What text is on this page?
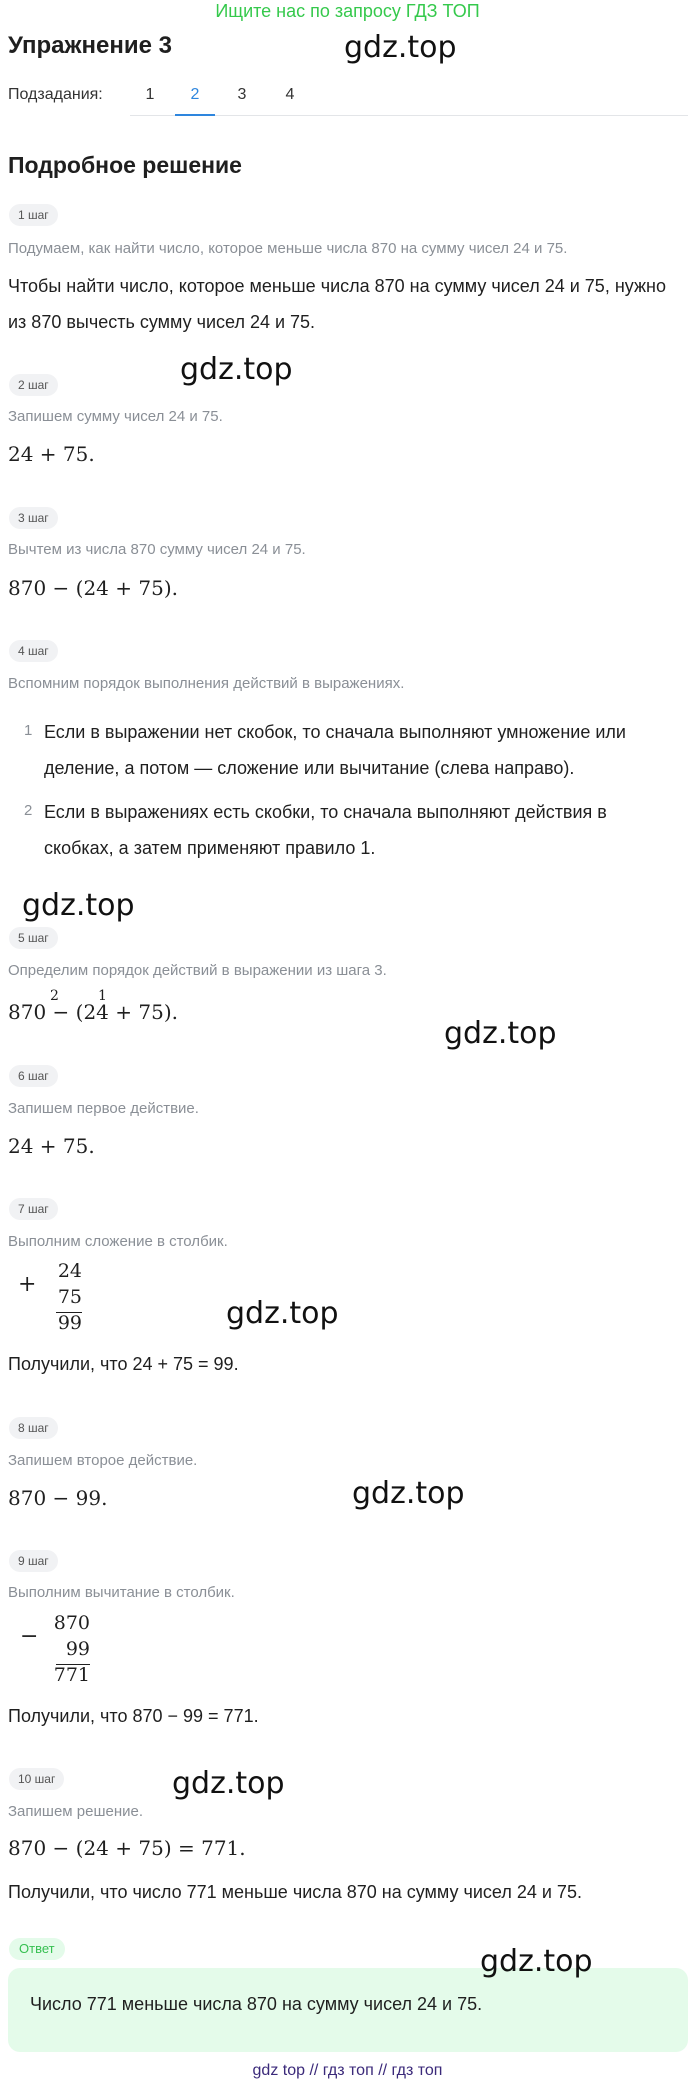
Ищите нас по запросу ГДЗ ТОП
Упражнение 3	gdz.top
Подзадания:	1	2	3	4
Подробное решение
1 шаг
Подумаем, как найти число, которое меньше числа 870 на сумму чисел 24 и 75.
Чтобы найти число, которое меньше числа 870 на сумму чисел 24 и 75, нужно
из 870 вычесть сумму чисел 24 и 75.
gdz.top
2 шаг
Запишем сумму чисел 24 и 75.
24 + 75.
3 шаг
Вычтем из числа 870 сумму чисел 24 и 75.
870 − (24 + 75).
4 шаг
Вспомним порядок выполнения действий в выражениях.
1 Если в выражении нет скобок, то сначала выполняют умножение или
деление, а потом — сложение или вычитание (слева направо).
2 Если в выражениях есть скобки, то сначала выполняют действия в
скобках, а затем применяют правило 1.
gdz.top
5 шаг
Определим порядок действий в выражении из шага 3.
870 − (24 + 75).
2	1
gdz.top
6 шаг
Запишем первое действие.
24 + 75.
7 шаг
Выполним сложение в столбик.
+
24
75
99	gdz.top
Получили, что 24 + 75 = 99.
8 шаг
Запишем второе действие.
870 − 99.	gdz.top
9 шаг
Выполним вычитание в столбик.
−
870
99
771
Получили, что 870 − 99 = 771.
10 шаг	gdz.top
Запишем решение.
870 − (24 + 75) = 771.
Получили, что число 771 меньше числа 870 на сумму чисел 24 и 75.
Ответ	gdz.top
Число 771 меньше числа 870 на сумму чисел 24 и 75.
gdz top // гдз топ // гдз топ
